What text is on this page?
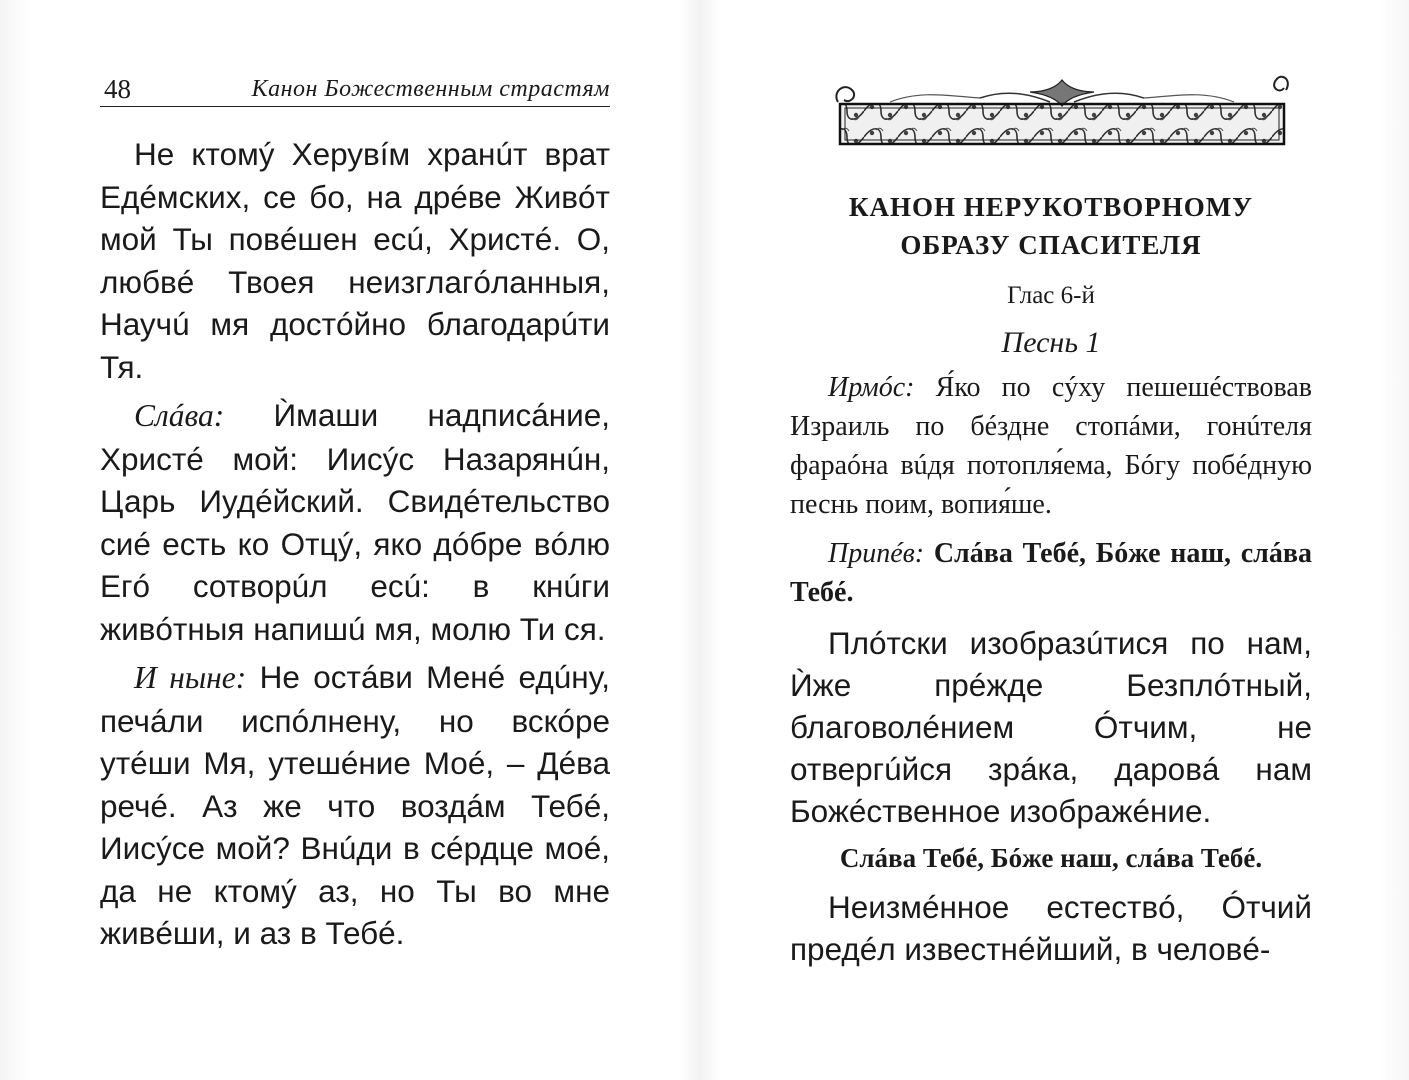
48	Канон Божественным страстям

Не ктомý Херувíм хранúт врат Едéмских, се бо, на дрéве Живóт мой Ты повéшен есú, Христé. О, любвé Твоея неизглагóланныя, Научú мя достóйно благодарúти Тя.

Слáва: Ѝмаши надписáние, Христé мой: Иисýс Назарянúн, Царь Иудéйский. Свидéтельство сиé есть ко Отцý, яко дóбре вóлю Егó сотворúл есú: в кнúги живóтныя напишú мя, молю Ти ся.

И ныне: Не остáви Менé едúну, печáли испóлнену, но вскóре утéши Мя, утешéние Моé, – Дéва речé. Аз же что воздáм Тебé, Иисýсе мой? Внúди в сéрдце моé, да не ктомý аз, но Ты во мне живéши, и аз в Тебé.

КАНОН НЕРУКОТВОРНОМУ
ОБРАЗУ СПАСИТЕЛЯ
Глас 6-й
Песнь 1

Ирмóс: Я́ко по сýху пешешéствовав Израиль по бéздне стопáми, гонúтеля фараóна вúдя потопля́ема, Бóгу побéдную песнь поим, вопия́ше.

Припéв: Слáва Тебé, Бóже наш, слáва Тебé.

Плóтски изобразúтися по нам, Ѝже прéжде Безплóтный, благоволéнием Óтчим, не отвергúйся зрáка, даровá нам Божéственное изображéние.

Слáва Тебé, Бóже наш, слáва Тебé.

Неизмéнное естествó, Óтчий предéл известнéйший, в человé-
